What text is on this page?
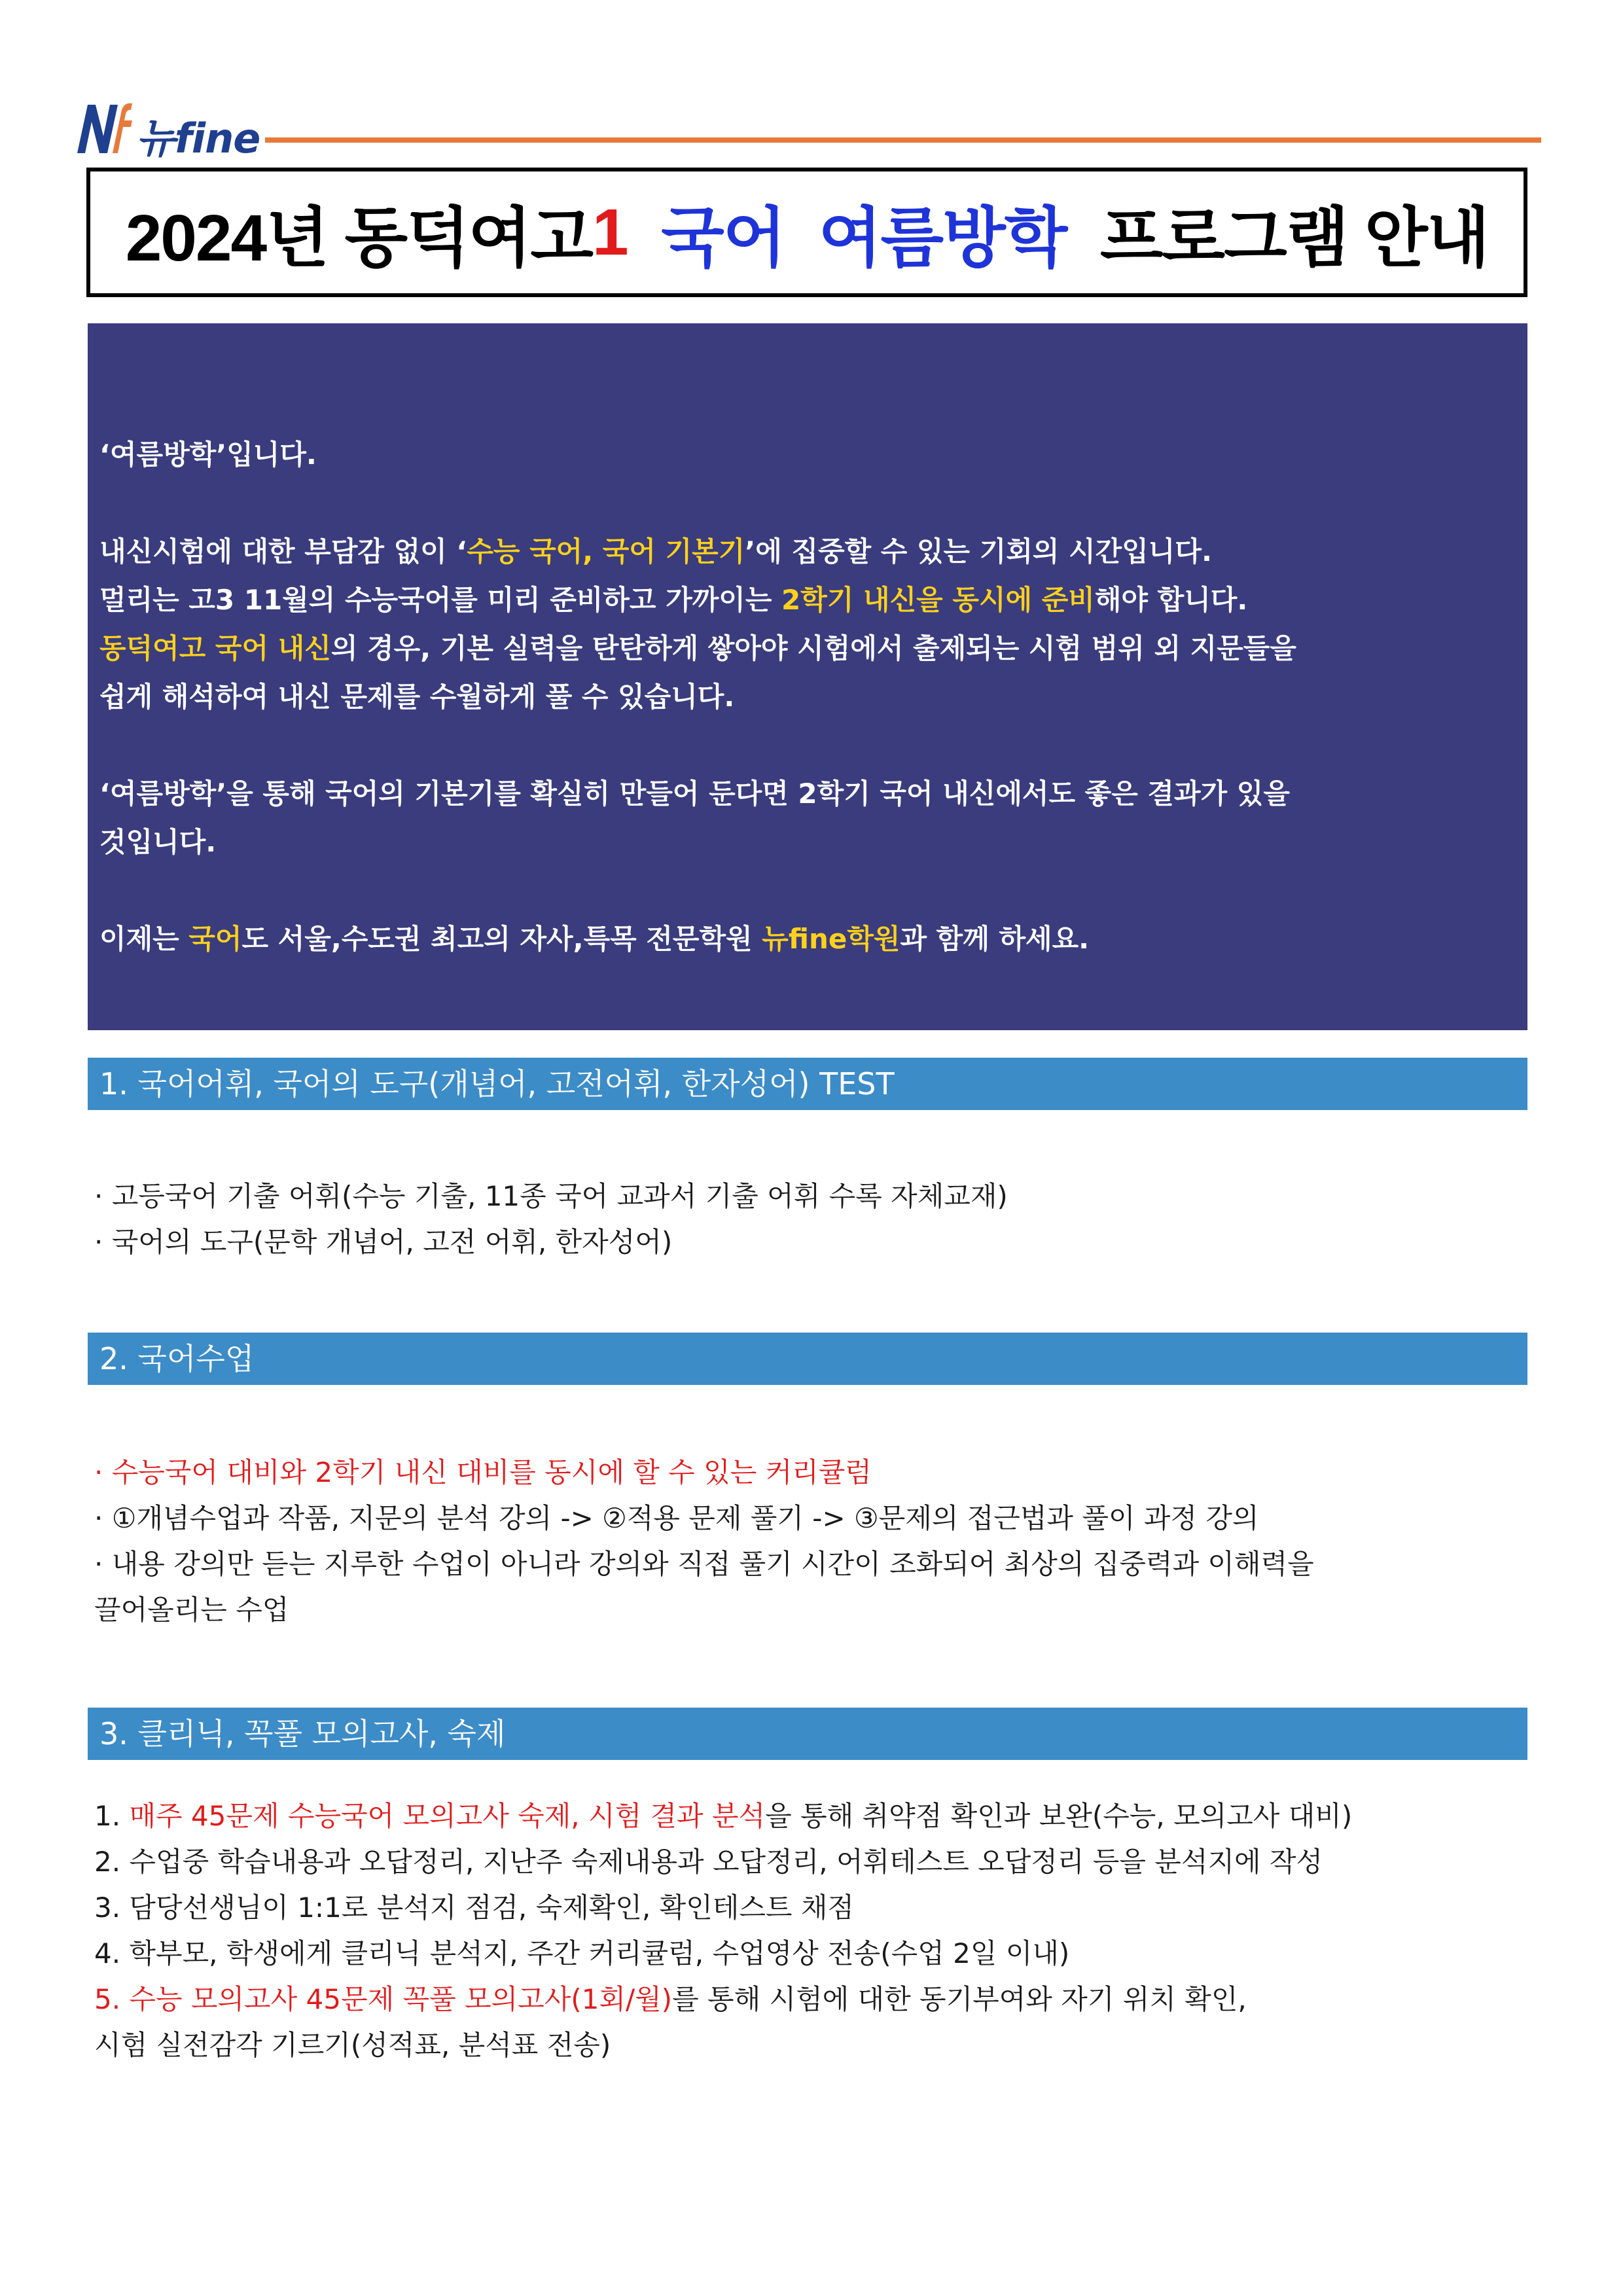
뉴fine
2024년 동덕여고 1
국어
여름방학
프로그램 안내

‘여름방학’입니다.

내신시험에 대한 부담감 없이 ‘수능 국어, 국어 기본기’에 집중할 수 있는 기회의 시간입니다.

멀리는 고3 11월의 수능국어를 미리 준비하고 가까이는 2학기 내신을 동시에 준비해야 합니다.

동덕여고 국어 내신의 경우, 기본 실력을 탄탄하게 쌓아야 시험에서 출제되는 시험 범위 외 지문들을

쉽게 해석하여 내신 문제를 수월하게 풀 수 있습니다.

‘여름방학’을 통해 국어의 기본기를 확실히 만들어 둔다면 2학기 국어 내신에서도 좋은 결과가 있을

것입니다.

이제는 국어도 서울,수도권 최고의 자사,특목 전문학원 뉴fine학원과 함께 하세요.

1. 국어어휘, 국어의 도구(개념어, 고전어휘, 한자성어) TEST

· 고등국어 기출 어휘(수능 기출, 11종 국어 교과서 기출 어휘 수록 자체교재)

· 국어의 도구(문학 개념어, 고전 어휘, 한자성어)

2. 국어수업

· 수능국어 대비와 2학기 내신 대비를 동시에 할 수 있는 커리큘럼

· ①개념수업과 작품, 지문의 분석 강의 -> ②적용 문제 풀기 -> ③문제의 접근법과 풀이 과정 강의

· 내용 강의만 듣는 지루한 수업이 아니라 강의와 직접 풀기 시간이 조화되어 최상의 집중력과 이해력을

끌어올리는 수업

3. 클리닉, 꼭풀 모의고사, 숙제

1. 매주 45문제 수능국어 모의고사 숙제, 시험 결과 분석을 통해 취약점 확인과 보완(수능, 모의고사 대비)

2. 수업중 학습내용과 오답정리, 지난주 숙제내용과 오답정리, 어휘테스트 오답정리 등을 분석지에 작성

3. 담당선생님이 1:1로 분석지 점검, 숙제확인, 확인테스트 채점

4. 학부모, 학생에게 클리닉 분석지, 주간 커리큘럼, 수업영상 전송(수업 2일 이내)

5. 수능 모의고사 45문제 꼭풀 모의고사(1회/월)를 통해 시험에 대한 동기부여와 자기 위치 확인,

시험 실전감각 기르기(성적표, 분석표 전송)
